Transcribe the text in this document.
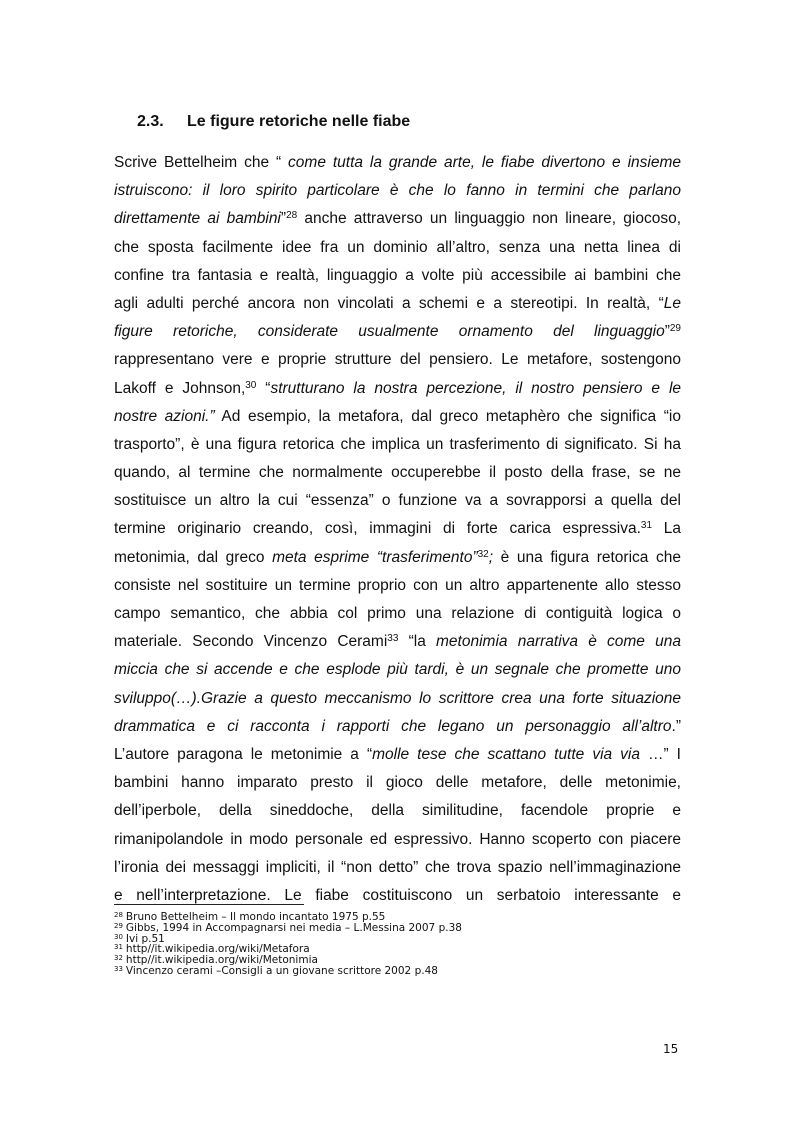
2.3. Le figure retoriche nelle fiabe
Scrive Bettelheim che “ come tutta la grande arte, le fiabe divertono e insieme
istruiscono: il loro spirito particolare è che lo fanno in termini che parlano
direttamente ai bambini”$^{28}$ anche attraverso un linguaggio non lineare, giocoso,
che sposta facilmente idee fra un dominio all’altro, senza una netta linea di
confine tra fantasia e realtà, linguaggio a volte più accessibile ai bambini che
agli adulti perché ancora non vincolati a schemi e a stereotipi. In realtà, “Le
figure retoriche, considerate usualmente ornamento del linguaggio”$^{29}$
rappresentano vere e proprie strutture del pensiero. Le metafore, sostengono
Lakoff e Johnson,$^{30}$ “strutturano la nostra percezione, il nostro pensiero e le
nostre azioni.” Ad esempio, la metafora, dal greco metaphèro che significa “io
trasporto”, è una figura retorica che implica un trasferimento di significato. Si ha
quando, al termine che normalmente occuperebbe il posto della frase, se ne
sostituisce un altro la cui “essenza” o funzione va a sovrapporsi a quella del
termine originario creando, così, immagini di forte carica espressiva.$^{31}$ La
metonimia, dal greco meta esprime “trasferimento”$^{32}$; è una figura retorica che
consiste nel sostituire un termine proprio con un altro appartenente allo stesso
campo semantico, che abbia col primo una relazione di contiguità logica o
materiale. Secondo Vincenzo Cerami$^{33}$ “la metonimia narrativa è come una
miccia che si accende e che esplode più tardi, è un segnale che promette uno
sviluppo(…).Grazie a questo meccanismo lo scrittore crea una forte situazione
drammatica e ci racconta i rapporti che legano un personaggio all’altro.”
L’autore paragona le metonimie a “molle tese che scattano tutte via via …” I
bambini hanno imparato presto il gioco delle metafore, delle metonimie,
dell’iperbole, della sineddoche, della similitudine, facendole proprie e
rimanipolandole in modo personale ed espressivo. Hanno scoperto con piacere
l’ironia dei messaggi impliciti, il “non detto” che trova spazio nell’immaginazione
e nell’interpretazione. Le fiabe costituiscono un serbatoio interessante e
$^{28}$ Bruno Bettelheim – Il mondo incantato 1975 p.55
$^{29}$ Gibbs, 1994 in Accompagnarsi nei media – L.Messina 2007 p.38
$^{30}$ Ivi p.51
$^{31}$ http//it.wikipedia.org/wiki/Metafora
$^{32}$ http//it.wikipedia.org/wiki/Metonimia
$^{33}$ Vincenzo cerami –Consigli a un giovane scrittore 2002 p.48
15
